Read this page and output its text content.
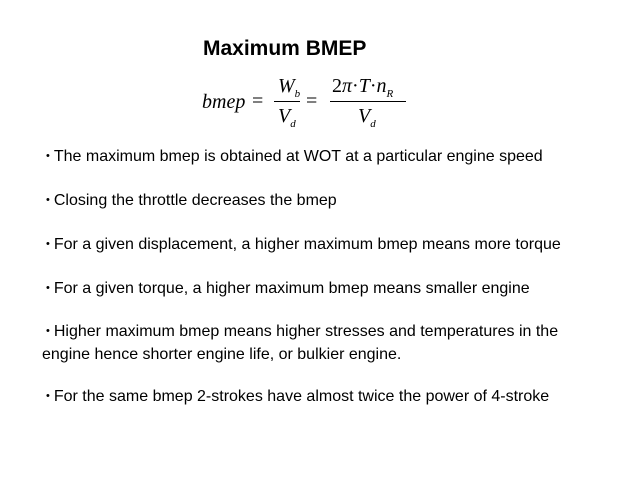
Maximum BMEP
bmep =
$W_b$
$V_d$
=
$2\pi\cdot T\cdot n_R$
$V_d$
• The maximum bmep is obtained at WOT at a particular engine speed
• Closing the throttle decreases the bmep
• For a given displacement, a higher maximum bmep means more torque
• For a given torque, a higher maximum bmep means smaller engine
• Higher maximum bmep means higher stresses and temperatures in the
engine hence shorter engine life, or bulkier engine.
• For the same bmep 2-strokes have almost twice the power of 4-stroke
